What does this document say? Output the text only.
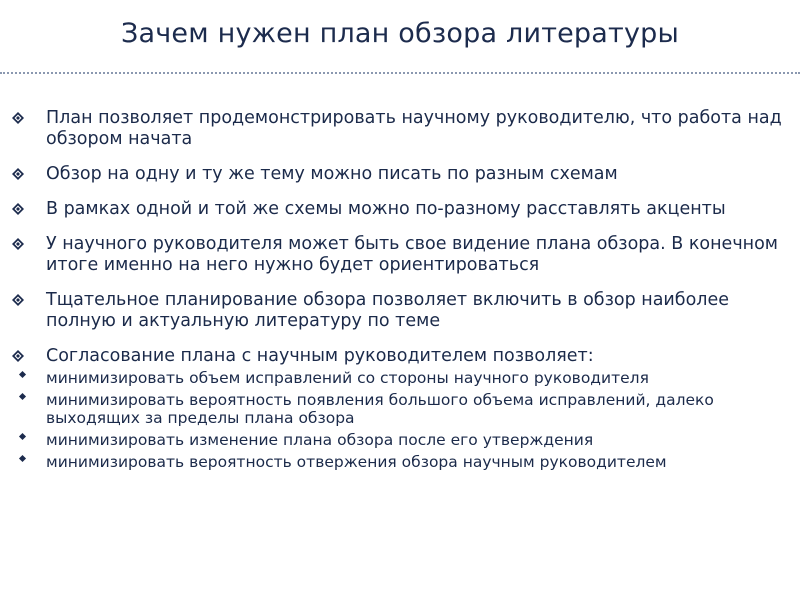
Зачем нужен план обзора литературы
План позволяет продемонстрировать научному руководителю, что работа над обзором начата
Обзор на одну и ту же тему можно писать по разным схемам
В рамках одной и той же схемы можно по-разному расставлять акценты
У научного руководителя может быть свое видение плана обзора. В конечном итоге именно на него нужно будет ориентироваться
Тщательное планирование обзора позволяет включить в обзор наиболее полную и актуальную литературу по теме
Согласование плана с научным руководителем позволяет:
минимизировать объем исправлений со стороны научного руководителя
минимизировать вероятность появления большого объема исправлений, далеко выходящих за пределы плана обзора
минимизировать изменение плана обзора после его утверждения
минимизировать вероятность отвержения обзора научным руководителем
